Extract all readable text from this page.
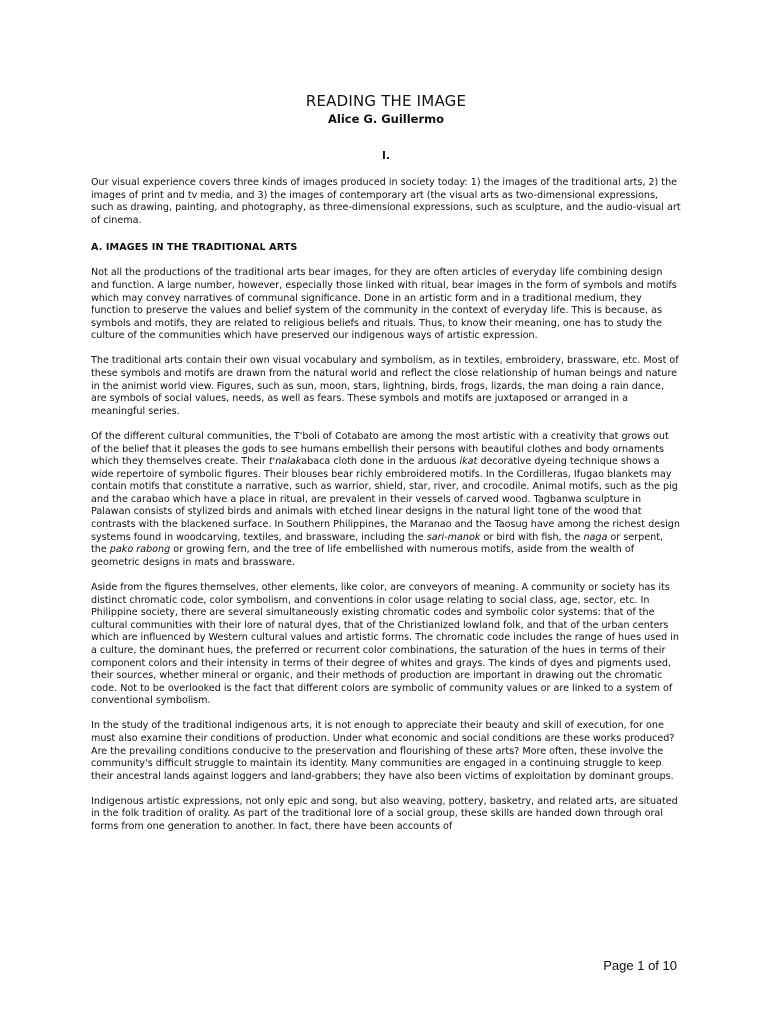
READING THE IMAGE
Alice G. Guillermo
I.

Our visual experience covers three kinds of images produced in society today: 1) the images of the traditional arts, 2) the images of print and tv media, and 3) the images of contemporary art (the visual arts as two-dimensional expressions, such as drawing, painting, and photography, as three-dimensional expressions, such as sculpture, and the audio-visual art of cinema.

A. IMAGES IN THE TRADITIONAL ARTS

Not all the productions of the traditional arts bear images, for they are often articles of everyday life combining design and function. A large number, however, especially those linked with ritual, bear images in the form of symbols and motifs which may convey narratives of communal significance. Done in an artistic form and in a traditional medium, they function to preserve the values and belief system of the community in the context of everyday life. This is because, as symbols and motifs, they are related to religious beliefs and rituals. Thus, to know their meaning, one has to study the culture of the communities which have preserved our indigenous ways of artistic expression.

The traditional arts contain their own visual vocabulary and symbolism, as in textiles, embroidery, brassware, etc. Most of these symbols and motifs are drawn from the natural world and reflect the close relationship of human beings and nature in the animist world view. Figures, such as sun, moon, stars, lightning, birds, frogs, lizards, the man doing a rain dance, are symbols of social values, needs, as well as fears. These symbols and motifs are juxtaposed or arranged in a meaningful series.

Of the different cultural communities, the T'boli of Cotabato are among the most artistic with a creativity that grows out of the belief that it pleases the gods to see humans embellish their persons with beautiful clothes and body ornaments which they themselves create. Their t'nalakabaca cloth done in the arduous ikat decorative dyeing technique shows a wide repertoire of symbolic figures. Their blouses bear richly embroidered motifs. In the Cordilleras, Ifugao blankets may contain motifs that constitute a narrative, such as warrior, shield, star, river, and crocodile. Animal motifs, such as the pig and the carabao which have a place in ritual, are prevalent in their vessels of carved wood. Tagbanwa sculpture in Palawan consists of stylized birds and animals with etched linear designs in the natural light tone of the wood that contrasts with the blackened surface. In Southern Philippines, the Maranao and the Taosug have among the richest design systems found in woodcarving, textiles, and brassware, including the sari-manok or bird with fish, the naga or serpent, the pako rabong or growing fern, and the tree of life embellished with numerous motifs, aside from the wealth of geometric designs in mats and brassware.

Aside from the figures themselves, other elements, like color, are conveyors of meaning. A community or society has its distinct chromatic code, color symbolism, and conventions in color usage relating to social class, age, sector, etc. In Philippine society, there are several simultaneously existing chromatic codes and symbolic color systems: that of the cultural communities with their lore of natural dyes, that of the Christianized lowland folk, and that of the urban centers which are influenced by Western cultural values and artistic forms. The chromatic code includes the range of hues used in a culture, the dominant hues, the preferred or recurrent color combinations, the saturation of the hues in terms of their component colors and their intensity in terms of their degree of whites and grays. The kinds of dyes and pigments used, their sources, whether mineral or organic, and their methods of production are important in drawing out the chromatic code. Not to be overlooked is the fact that different colors are symbolic of community values or are linked to a system of conventional symbolism.

In the study of the traditional indigenous arts, it is not enough to appreciate their beauty and skill of execution, for one must also examine their conditions of production. Under what economic and social conditions are these works produced? Are the prevailing conditions conducive to the preservation and flourishing of these arts? More often, these involve the community's difficult struggle to maintain its identity. Many communities are engaged in a continuing struggle to keep their ancestral lands against loggers and land-grabbers; they have also been victims of exploitation by dominant groups.

Indigenous artistic expressions, not only epic and song, but also weaving, pottery, basketry, and related arts, are situated in the folk tradition of orality. As part of the traditional lore of a social group, these skills are handed down through oral forms from one generation to another. In fact, there have been accounts of

Page 1 of 10
